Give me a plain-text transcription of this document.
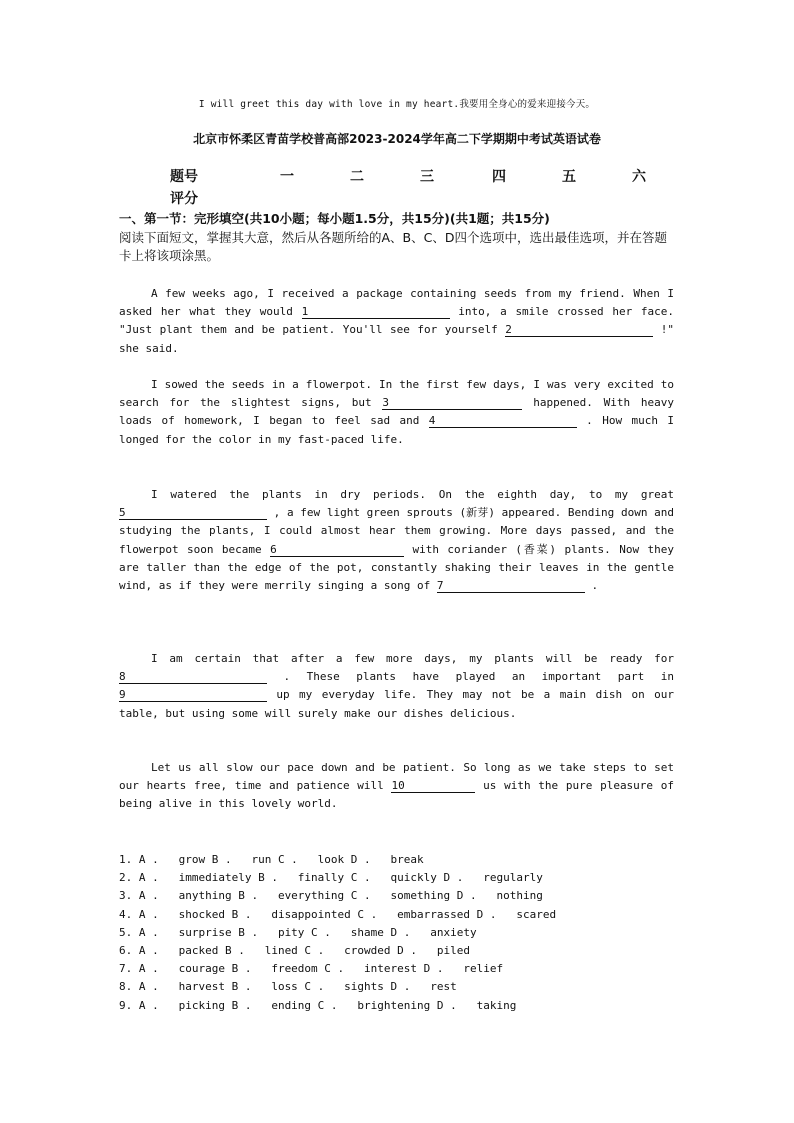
I will greet this day with love in my heart.我要用全身心的爱来迎接今天。
北京市怀柔区青苗学校普高部2023-2024学年高二下学期期中考试英语试卷
题号	一	二	三	四	五	六
评分
一、第一节：完形填空(共10小题；每小题1.5分，共15分)(共1题；共15分)
阅读下面短文，掌握其大意，然后从各题所给的A、B、C、D四个选项中，选出最佳选项，并在答题卡上将该项涂黑。
A few weeks ago, I received a package containing seeds from my friend. When I asked her what they would 1	into, a smile crossed her face. "Just plant them and be patient. You'll see for yourself 2	!" she said.
I sowed the seeds in a flowerpot. In the first few days, I was very excited to search for the slightest signs, but 3	happened. With heavy loads of homework, I began to feel sad and 4	. How much I longed for the color in my fast-paced life.
I watered the plants in dry periods. On the eighth day, to my great 5	, a few light green sprouts (新芽) appeared. Bending down and studying the plants, I could almost hear them growing. More days passed, and the flowerpot soon became 6	with coriander (香菜) plants. Now they are taller than the edge of the pot, constantly shaking their leaves in the gentle wind, as if they were merrily singing a song of 7	.
I am certain that after a few more days, my plants will be ready for8	. These plants have played an important part in 9	up my everyday life. They may not be a main dish on our table, but using some will surely make our dishes delicious.
Let us all slow our pace down and be patient. So long as we take steps to set our hearts free, time and patience will 10	us with the pure pleasure of being alive in this lovely world.
1. A .   grow B .   run C .   look D .   break
2. A .   immediately B .   finally C .   quickly D .   regularly
3. A .   anything B .   everything C .   something D .   nothing
4. A .   shocked B .   disappointed C .   embarrassed D .   scared
5. A .   surprise B .   pity C .   shame D .   anxiety
6. A .   packed B .   lined C .   crowded D .   piled
7. A .   courage B .   freedom C .   interest D .   relief
8. A .   harvest B .   loss C .   sights D .   rest
9. A .   picking B .   ending C .   brightening D .   taking
